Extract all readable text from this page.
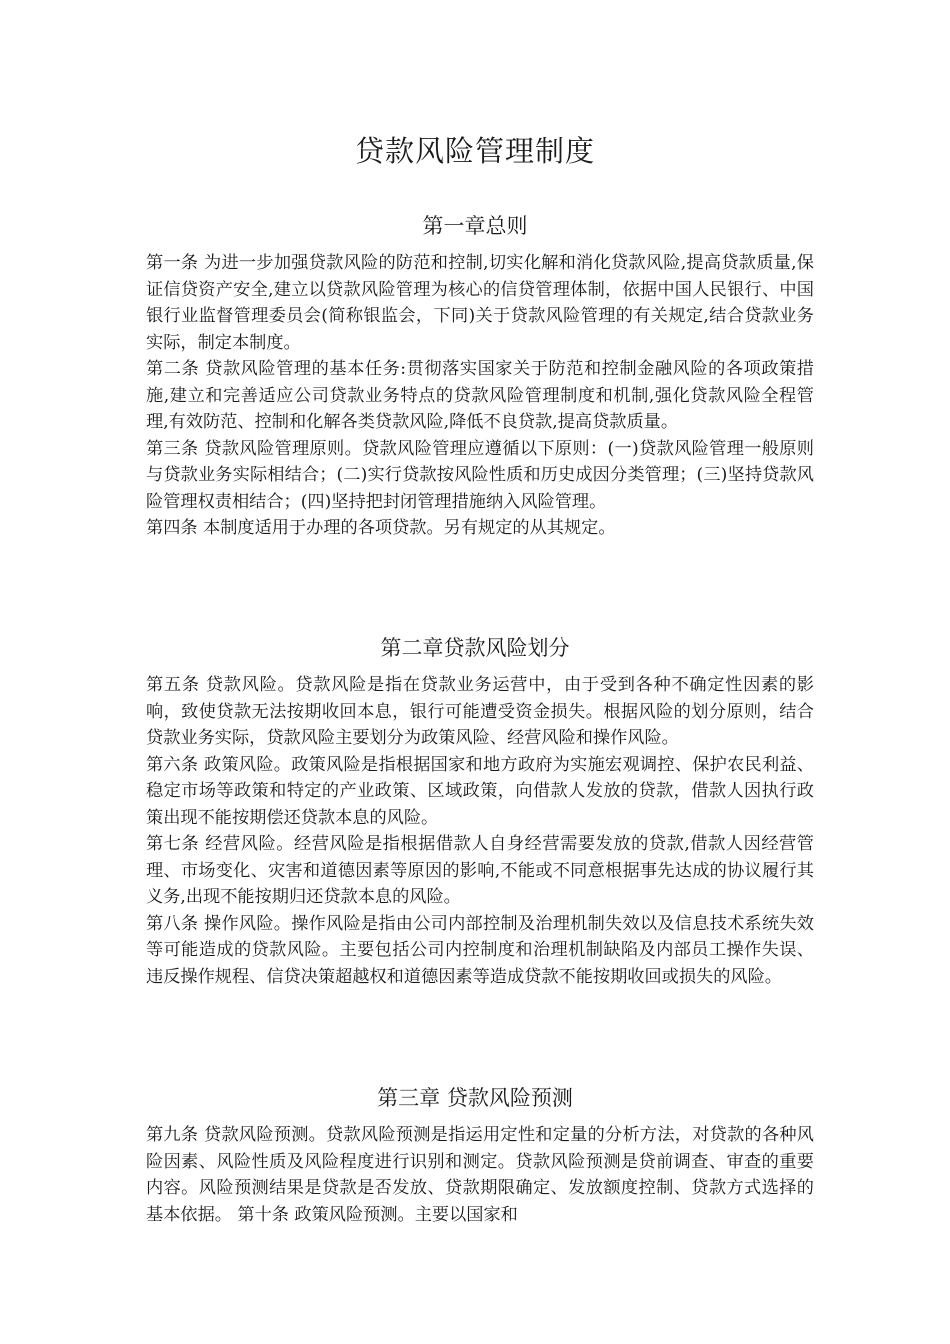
贷款风险管理制度
第一章总则

第一条 为进一步加强贷款风险的防范和控制,切实化解和消化贷款风险,提高贷款质量,保证信贷资产安全,建立以贷款风险管理为核心的信贷管理体制，依据中国人民银行、中国银行业监督管理委员会(简称银监会，下同)关于贷款风险管理的有关规定,结合贷款业务实际，制定本制度。

第二条 贷款风险管理的基本任务:贯彻落实国家关于防范和控制金融风险的各项政策措施,建立和完善适应公司贷款业务特点的贷款风险管理制度和机制,强化贷款风险全程管理,有效防范、控制和化解各类贷款风险,降低不良贷款,提高贷款质量。

第三条 贷款风险管理原则。贷款风险管理应遵循以下原则：(一)贷款风险管理一般原则与贷款业务实际相结合；(二)实行贷款按风险性质和历史成因分类管理；(三)坚持贷款风险管理权责相结合；(四)坚持把封闭管理措施纳入风险管理。

第四条 本制度适用于办理的各项贷款。另有规定的从其规定。

第二章贷款风险划分

第五条 贷款风险。贷款风险是指在贷款业务运营中，由于受到各种不确定性因素的影响，致使贷款无法按期收回本息，银行可能遭受资金损失。根据风险的划分原则，结合贷款业务实际，贷款风险主要划分为政策风险、经营风险和操作风险。

第六条 政策风险。政策风险是指根据国家和地方政府为实施宏观调控、保护农民利益、稳定市场等政策和特定的产业政策、区域政策，向借款人发放的贷款，借款人因执行政策出现不能按期偿还贷款本息的风险。

第七条 经营风险。经营风险是指根据借款人自身经营需要发放的贷款,借款人因经营管理、市场变化、灾害和道德因素等原因的影响,不能或不同意根据事先达成的协议履行其义务,出现不能按期归还贷款本息的风险。

第八条 操作风险。操作风险是指由公司内部控制及治理机制失效以及信息技术系统失效等可能造成的贷款风险。主要包括公司内控制度和治理机制缺陷及内部员工操作失误、违反操作规程、信贷决策超越权和道德因素等造成贷款不能按期收回或损失的风险。

第三章 贷款风险预测

第九条 贷款风险预测。贷款风险预测是指运用定性和定量的分析方法，对贷款的各种风险因素、风险性质及风险程度进行识别和测定。贷款风险预测是贷前调查、审查的重要内容。风险预测结果是贷款是否发放、贷款期限确定、发放额度控制、贷款方式选择的基本依据。 第十条 政策风险预测。主要以国家和
